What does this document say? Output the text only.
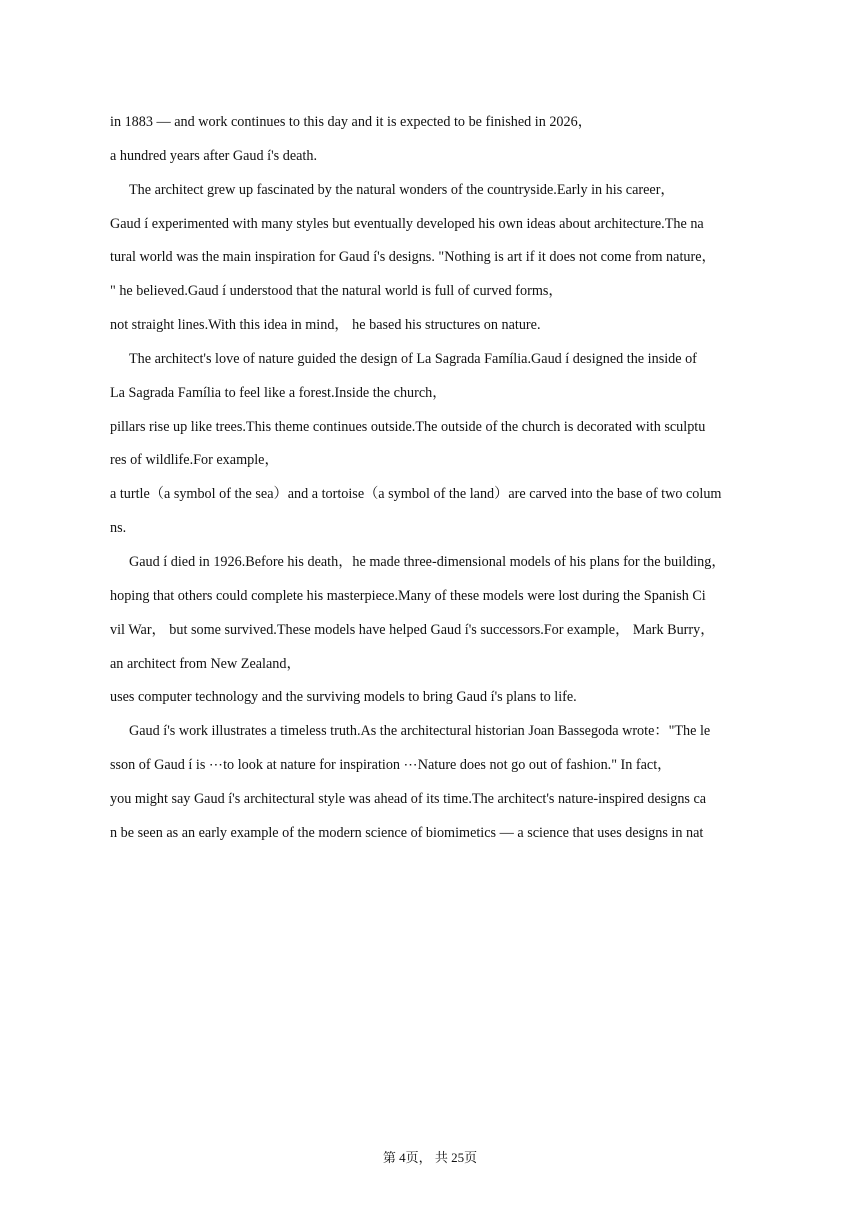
in 1883 — and work continues to this day and it is expected to be finished in 2026，
a hundred years after Gaud í's death.
The architect grew up fascinated by the natural wonders of the countryside.Early in his career，
Gaud í experimented with many styles but eventually developed his own ideas about architecture.The na
tural world was the main inspiration for Gaud í's designs. "Nothing is art if it does not come from nature，
" he believed.Gaud í understood that the natural world is full of curved forms，
not straight lines.With this idea in mind， he based his structures on nature.
The architect's love of nature guided the design of La Sagrada Família.Gaud í designed the inside of
La Sagrada Família to feel like a forest.Inside the church，
pillars rise up like trees.This theme continues outside.The outside of the church is decorated with sculptu
res of wildlife.For example，
a turtle（a symbol of the sea）and a tortoise（a symbol of the land）are carved into the base of two colum
ns.
Gaud í died in 1926.Before his death，he made three-dimensional models of his plans for the building，
hoping that others could complete his masterpiece.Many of these models were lost during the Spanish Ci
vil War， but some survived.These models have helped Gaud í's successors.For example， Mark Burry，
an architect from New Zealand，
uses computer technology and the surviving models to bring Gaud í's plans to life.
Gaud í's work illustrates a timeless truth.As the architectural historian Joan Bassegoda wrote："The le
sson of Gaud í is ⋯to look at nature for inspiration ⋯Nature does not go out of fashion." In fact，
you might say Gaud í's architectural style was ahead of its time.The architect's nature-inspired designs ca
n be seen as an early example of the modern science of biomimetics — a science that uses designs in nat
第 4页， 共 25页
